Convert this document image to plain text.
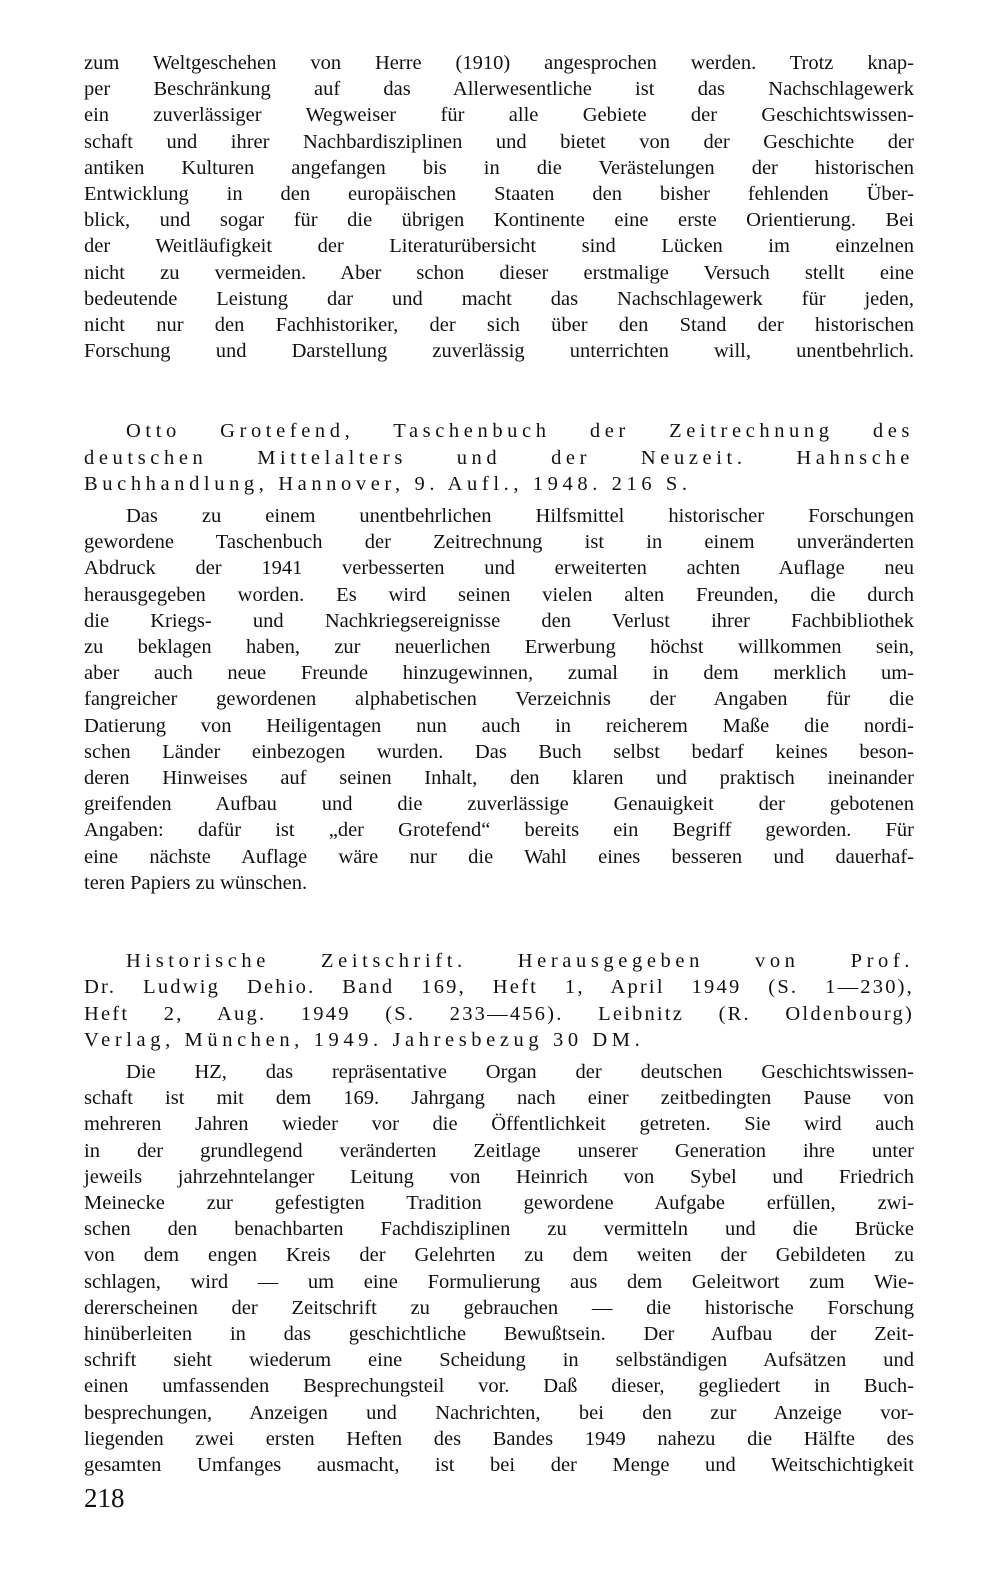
zum Weltgeschehen von Herre (1910) angesprochen werden. Trotz knap-
per Beschränkung auf das Allerwesentliche ist das Nachschlagewerk
ein zuverlässiger Wegweiser für alle Gebiete der Geschichtswissen-
schaft und ihrer Nachbardisziplinen und bietet von der Geschichte der
antiken Kulturen angefangen bis in die Verästelungen der historischen
Entwicklung in den europäischen Staaten den bisher fehlenden Über-
blick, und sogar für die übrigen Kontinente eine erste Orientierung. Bei
der Weitläufigkeit der Literaturübersicht sind Lücken im einzelnen
nicht zu vermeiden. Aber schon dieser erstmalige Versuch stellt eine
bedeutende Leistung dar und macht das Nachschlagewerk für jeden,
nicht nur den Fachhistoriker, der sich über den Stand der historischen
Forschung und Darstellung zuverlässig unterrichten will, unentbehrlich.
Otto Grotefend, Taschenbuch der Zeitrechnung des
deutschen Mittelalters und der Neuzeit. Hahnsche
Buchhandlung, Hannover, 9. Aufl., 1948. 216 S.
Das zu einem unentbehrlichen Hilfsmittel historischer Forschungen
gewordene Taschenbuch der Zeitrechnung ist in einem unveränderten
Abdruck der 1941 verbesserten und erweiterten achten Auflage neu
herausgegeben worden. Es wird seinen vielen alten Freunden, die durch
die Kriegs- und Nachkriegsereignisse den Verlust ihrer Fachbibliothek
zu beklagen haben, zur neuerlichen Erwerbung höchst willkommen sein,
aber auch neue Freunde hinzugewinnen, zumal in dem merklich um-
fangreicher gewordenen alphabetischen Verzeichnis der Angaben für die
Datierung von Heiligentagen nun auch in reicherem Maße die nordi-
schen Länder einbezogen wurden. Das Buch selbst bedarf keines beson-
deren Hinweises auf seinen Inhalt, den klaren und praktisch ineinander
greifenden Aufbau und die zuverlässige Genauigkeit der gebotenen
Angaben: dafür ist „der Grotefend“ bereits ein Begriff geworden. Für
eine nächste Auflage wäre nur die Wahl eines besseren und dauerhaf-
teren Papiers zu wünschen.
Historische Zeitschrift. Herausgegeben von Prof.
Dr. Ludwig Dehio. Band 169, Heft 1, April 1949 (S. 1—230),
Heft 2, Aug. 1949 (S. 233—456). Leibnitz (R. Oldenbourg)
Verlag, München, 1949. Jahresbezug 30 DM.
Die HZ, das repräsentative Organ der deutschen Geschichtswissen-
schaft ist mit dem 169. Jahrgang nach einer zeitbedingten Pause von
mehreren Jahren wieder vor die Öffentlichkeit getreten. Sie wird auch
in der grundlegend veränderten Zeitlage unserer Generation ihre unter
jeweils jahrzehntelanger Leitung von Heinrich von Sybel und Friedrich
Meinecke zur gefestigten Tradition gewordene Aufgabe erfüllen, zwi-
schen den benachbarten Fachdisziplinen zu vermitteln und die Brücke
von dem engen Kreis der Gelehrten zu dem weiten der Gebildeten zu
schlagen, wird — um eine Formulierung aus dem Geleitwort zum Wie-
dererscheinen der Zeitschrift zu gebrauchen — die historische Forschung
hinüberleiten in das geschichtliche Bewußtsein. Der Aufbau der Zeit-
schrift sieht wiederum eine Scheidung in selbständigen Aufsätzen und
einen umfassenden Besprechungsteil vor. Daß dieser, gegliedert in Buch-
besprechungen, Anzeigen und Nachrichten, bei den zur Anzeige vor-
liegenden zwei ersten Heften des Bandes 1949 nahezu die Hälfte des
gesamten Umfanges ausmacht, ist bei der Menge und Weitschichtigkeit
218
